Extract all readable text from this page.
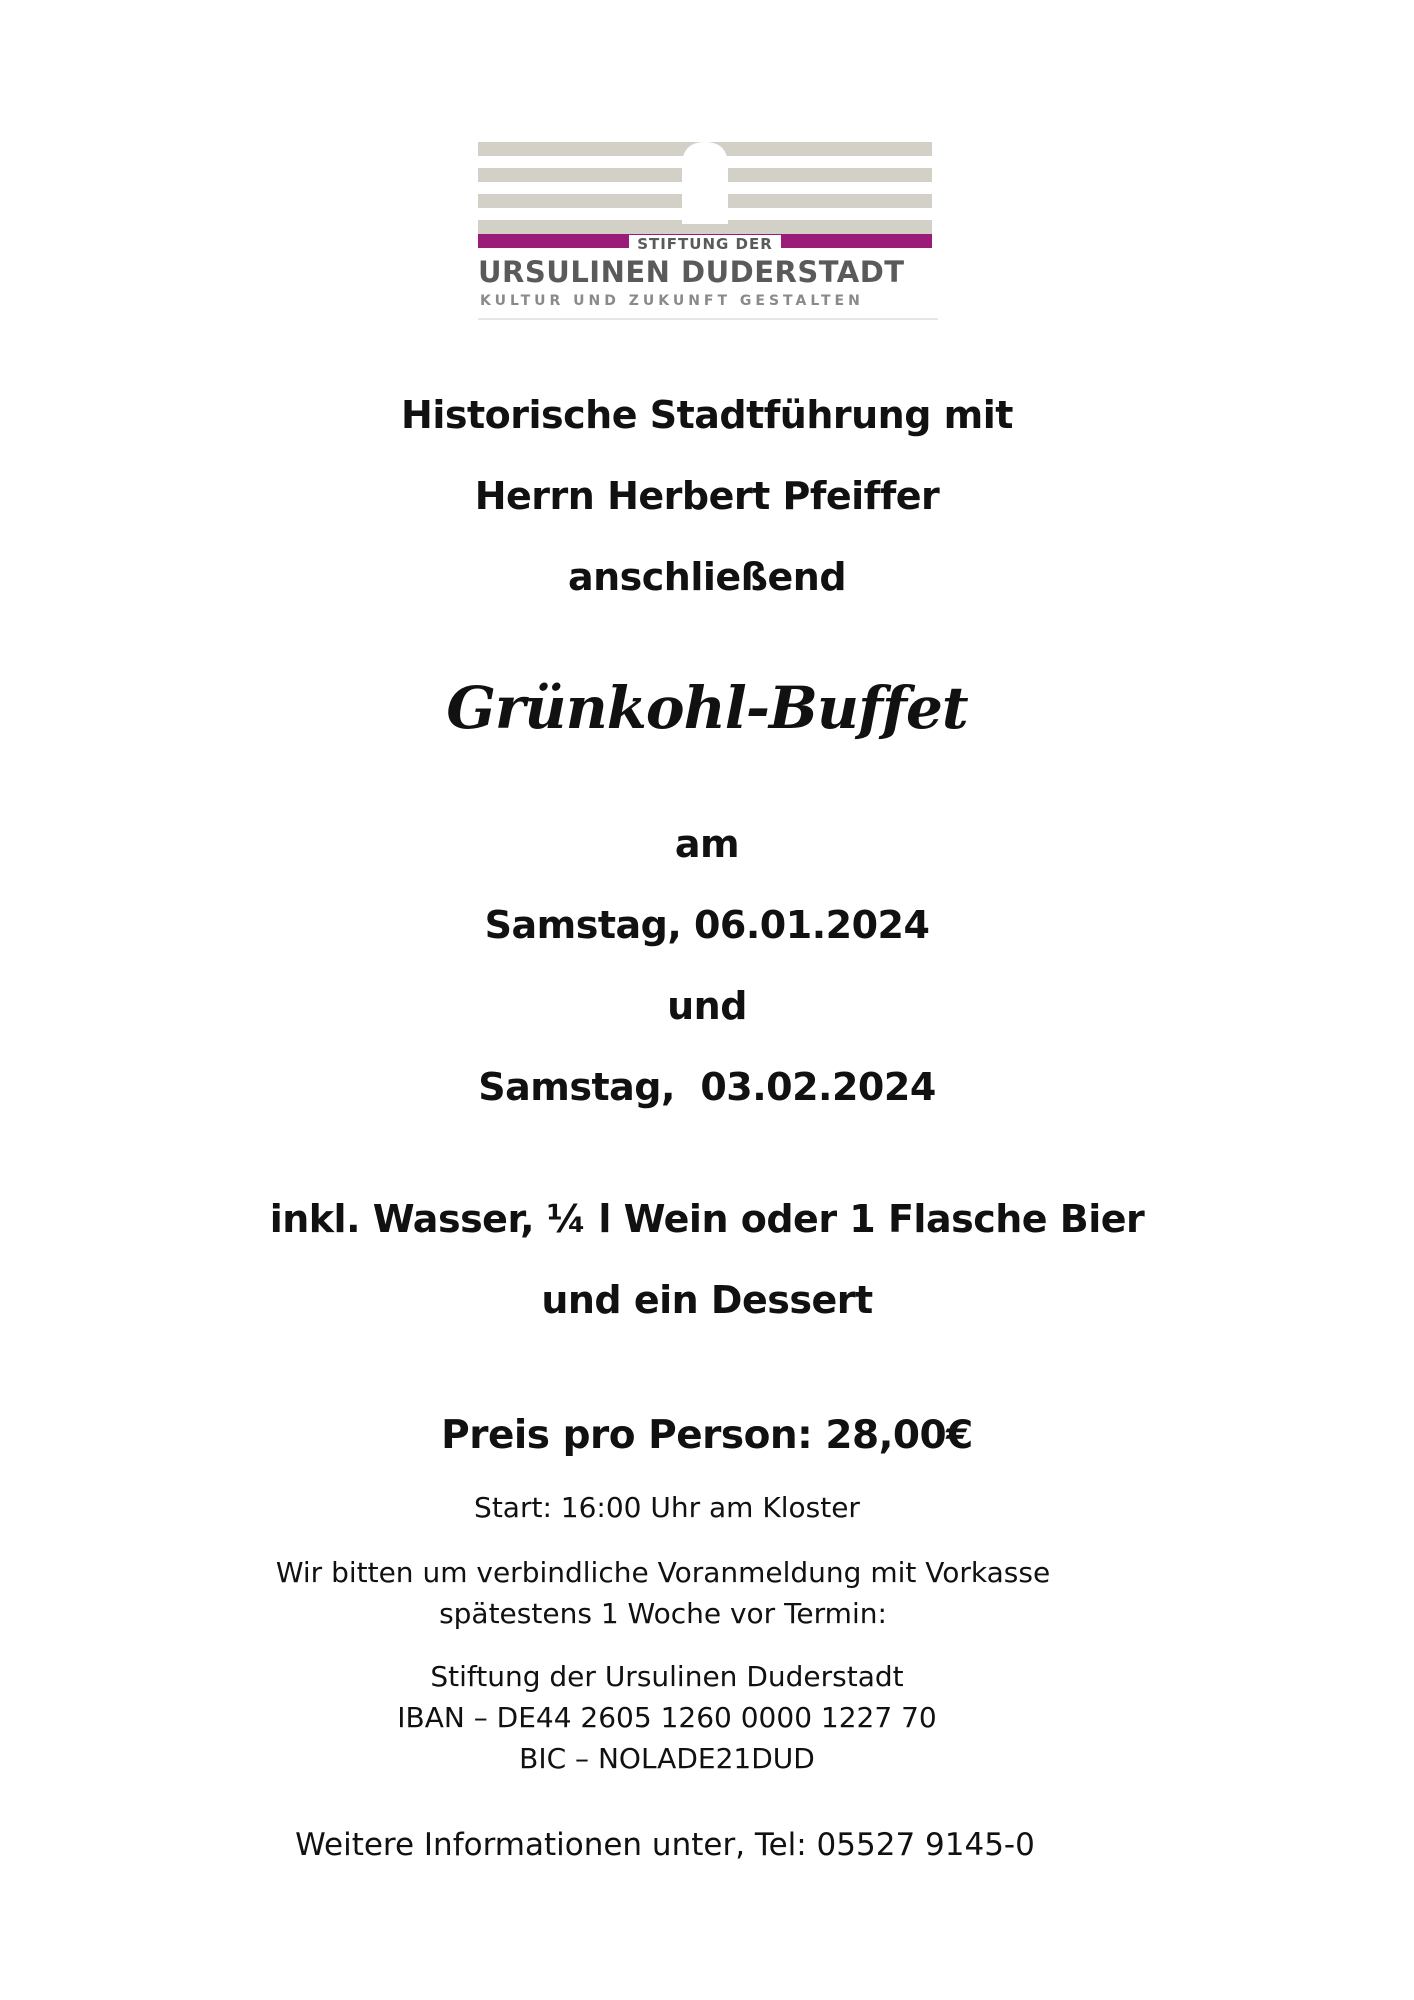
STIFTUNG DER
URSULINEN DUDERSTADT
KULTUR UND ZUKUNFT GESTALTEN
Historische Stadtführung mit
Herrn Herbert Pfeiffer
anschließend
Grünkohl-Buffet
am
Samstag, 06.01.2024
und
Samstag,  03.02.2024
inkl. Wasser, ¼ l Wein oder 1 Flasche Bier
und ein Dessert
Preis pro Person: 28,00€
Start: 16:00 Uhr am Kloster
Wir bitten um verbindliche Voranmeldung mit Vorkasse
spätestens 1 Woche vor Termin:
Stiftung der Ursulinen Duderstadt
IBAN – DE44 2605 1260 0000 1227 70
BIC – NOLADE21DUD
Weitere Informationen unter, Tel: 05527 9145-0
